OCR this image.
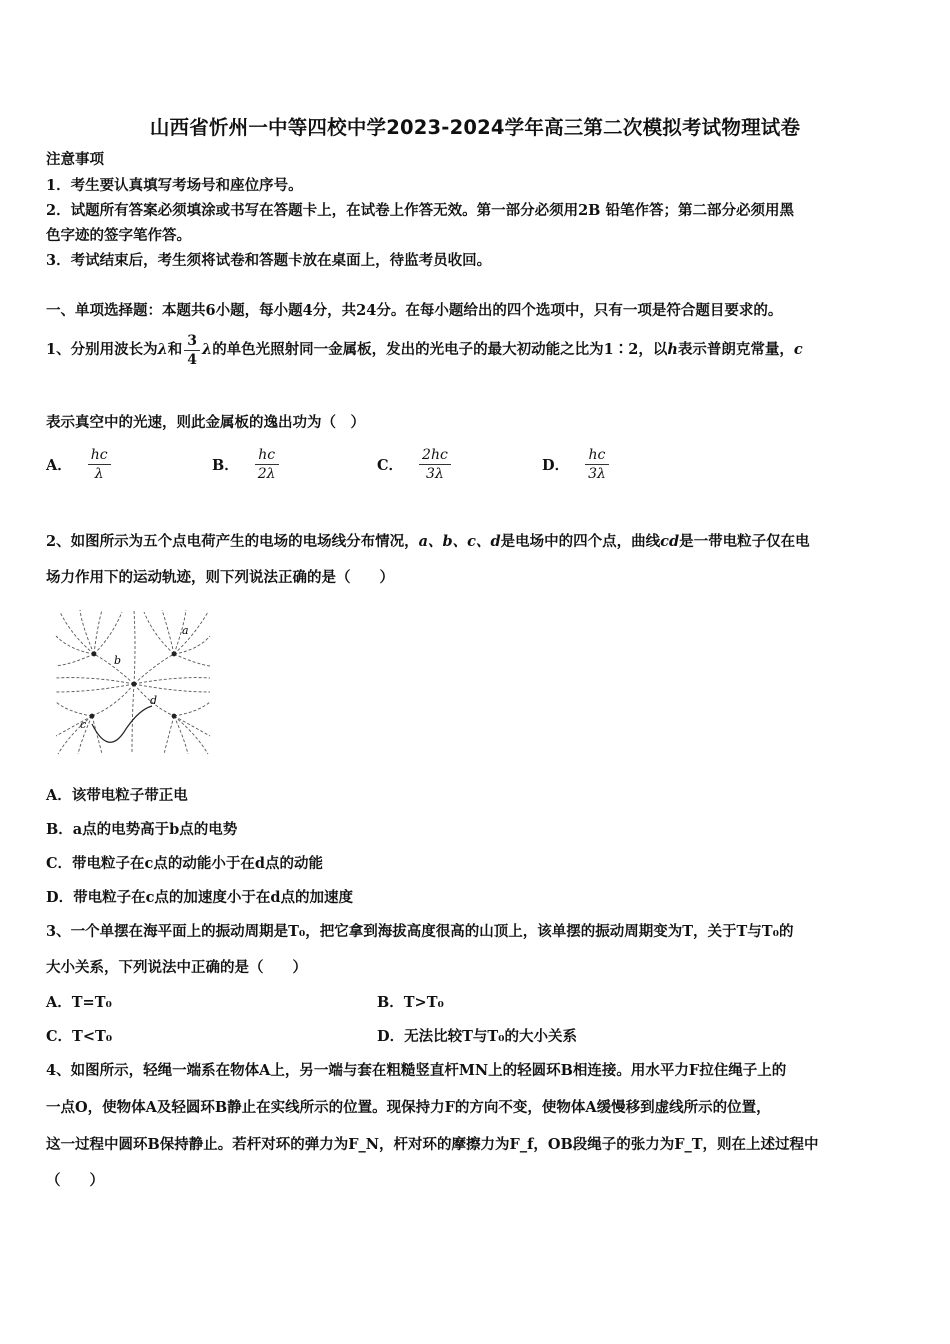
山西省忻州一中等四校中学2023-2024学年高三第二次模拟考试物理试卷
注意事项
1．考生要认真填写考场号和座位序号。
2．试题所有答案必须填涂或书写在答题卡上，在试卷上作答无效。第一部分必须用2B 铅笔作答；第二部分必须用黑
色字迹的签字笔作答。
3．考试结束后，考生须将试卷和答题卡放在桌面上，待监考员收回。
一、单项选择题：本题共6小题，每小题4分，共24分。在每小题给出的四个选项中，只有一项是符合题目要求的。
1、分别用波长为λ和 $\frac{3}{4}$ λ的单色光照射同一金属板，发出的光电子的最大初动能之比为1∶2，以h表示普朗克常量，c
表示真空中的光速，则此金属板的逸出功为（　）
A． $\frac{hc}{\lambda}$	B． $\frac{hc}{2\lambda}$	C． $\frac{2hc}{3\lambda}$	D． $\frac{hc}{3\lambda}$
2、如图所示为五个点电荷产生的电场的电场线分布情况，a、b、c、d是电场中的四个点，曲线cd是一带电粒子仅在电
场力作用下的运动轨迹，则下列说法正确的是（　　）
a
b
c
d
A．该带电粒子带正电
B．a点的电势高于b点的电势
C．带电粒子在c点的动能小于在d点的动能
D．带电粒子在c点的加速度小于在d点的加速度
3、一个单摆在海平面上的振动周期是T₀，把它拿到海拔高度很高的山顶上，该单摆的振动周期变为T，关于T与T₀的
大小关系，下列说法中正确的是（　　）
A．T=T₀	B．T>T₀
C．T<T₀	D．无法比较T与T₀的大小关系
4、如图所示，轻绳一端系在物体A上，另一端与套在粗糙竖直杆MN上的轻圆环B相连接。用水平力F拉住绳子上的
一点O，使物体A及轻圆环B静止在实线所示的位置。现保持力F的方向不变，使物体A缓慢移到虚线所示的位置，
这一过程中圆环B保持静止。若杆对环的弹力为F_N，杆对环的摩擦力为F_f，OB段绳子的张力为F_T，则在上述过程中
（　　）
